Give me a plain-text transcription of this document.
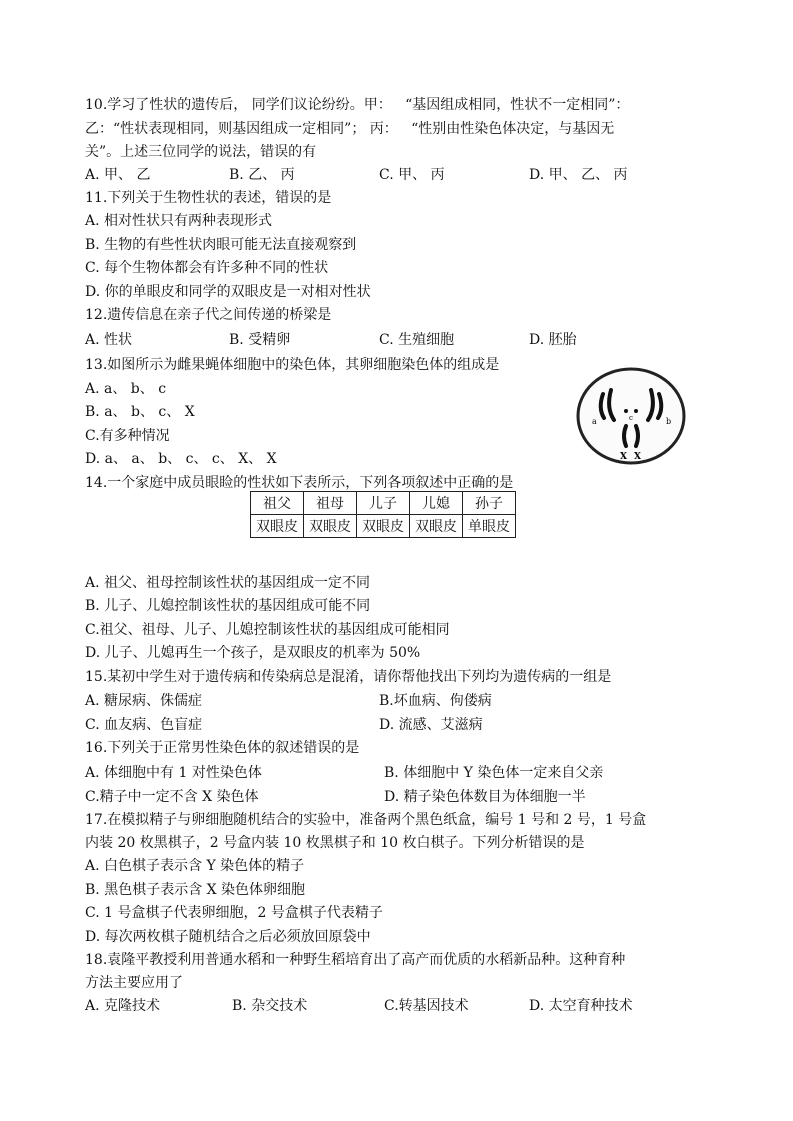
10.学习了性状的遗传后， 同学们议论纷纷。甲：   “基因组成相同，性状不一定相同”：
乙：“性状表现相同，则基因组成一定相同”； 丙：   “性别由性染色体决定，与基因无
关”。上述三位同学的说法，错误的有
A. 甲、 乙	B. 乙、 丙	C. 甲、 丙	D. 甲、 乙、 丙
11.下列关于生物性状的表述，错误的是
A. 相对性状只有两种表现形式
B. 生物的有些性状肉眼可能无法直接观察到
C. 每个生物体都会有许多种不同的性状
D. 你的单眼皮和同学的双眼皮是一对相对性状
12.遗传信息在亲子代之间传递的桥梁是
A. 性状	B. 受精卵	C. 生殖细胞	D. 胚胎
13.如图所示为雌果蝇体细胞中的染色体，其卵细胞染色体的组成是
A. a、 b、 c
B. a、 b、 c、 X
C.有多种情况
D. a、 a、 b、 c、 c、 X、 X
a	b
c
X X
14.一个家庭中成员眼睑的性状如下表所示，下列各项叙述中正确的是
祖父	祖母	儿子	儿媳	孙子
双眼皮	双眼皮	双眼皮	双眼皮	单眼皮
A. 祖父、祖母控制该性状的基因组成一定不同
B. 儿子、儿媳控制该性状的基因组成可能不同
C.祖父、祖母、儿子、儿媳控制该性状的基因组成可能相同
D. 儿子、儿媳再生一个孩子，是双眼皮的机率为 50%
15.某初中学生对于遗传病和传染病总是混淆，请你帮他找出下列均为遗传病的一组是
A. 糖尿病、侏儒症	B.坏血病、佝偻病
C. 血友病、色盲症	D. 流感、艾滋病
16.下列关于正常男性染色体的叙述错误的是
A. 体细胞中有 1 对性染色体	B. 体细胞中 Y 染色体一定来自父亲
C.精子中一定不含 X 染色体	D. 精子染色体数目为体细胞一半
17.在模拟精子与卵细胞随机结合的实验中，准备两个黑色纸盒，编号 1 号和 2 号，1 号盒
内装 20 枚黑棋子，2 号盒内装 10 枚黑棋子和 10 枚白棋子。下列分析错误的是
A. 白色棋子表示含 Y 染色体的精子
B. 黑色棋子表示含 X 染色体卵细胞
C. 1 号盒棋子代表卵细胞，2 号盒棋子代表精子
D. 每次两枚棋子随机结合之后必须放回原袋中
18.袁隆平教授利用普通水稻和一种野生稻培育出了高产而优质的水稻新品种。这种育种
方法主要应用了
A. 克隆技术	B. 杂交技术	C.转基因技术	D. 太空育种技术
